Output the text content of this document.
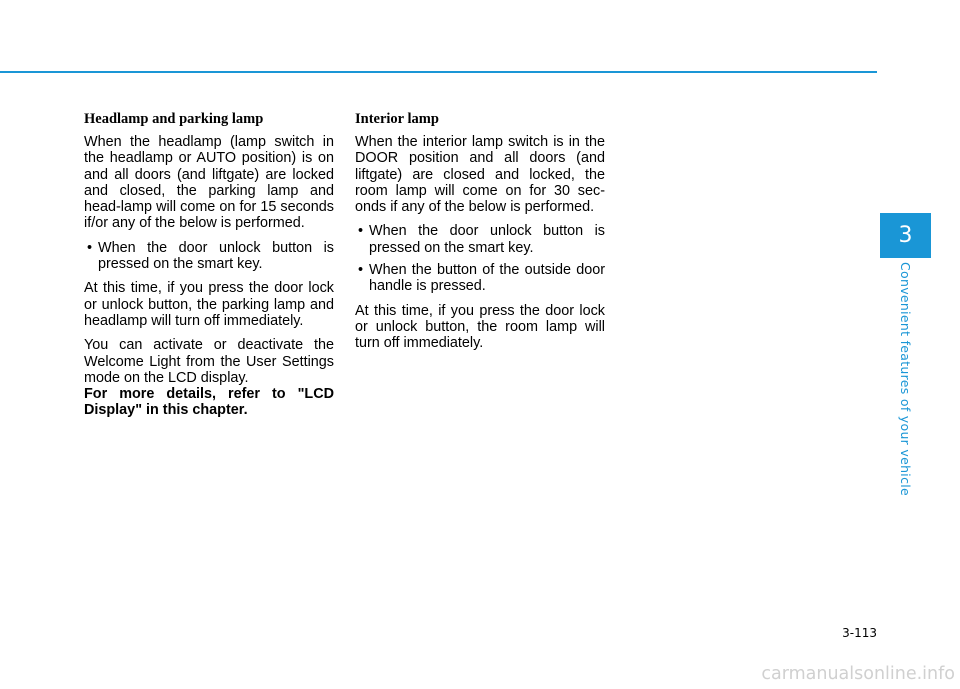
Headlamp and parking lamp

When the headlamp (lamp switch in the headlamp or AUTO position) is on and all doors (and liftgate) are locked and closed, the parking lamp and head-lamp will come on for 15 seconds if/or any of the below is performed.

• When the door unlock button is pressed on the smart key.

At this time, if you press the door lock or unlock button, the parking lamp and headlamp will turn off immediately.

You can activate or deactivate the Welcome Light from the User Settings mode on the LCD display.

For more details, refer to "LCD Display" in this chapter.

Interior lamp

When the interior lamp switch is in the DOOR position and all doors (and liftgate) are closed and locked, the room lamp will come on for 30 sec-onds if any of the below is performed.

• When the door unlock button is pressed on the smart key.
• When the button of the outside door handle is pressed.

At this time, if you press the door lock or unlock button, the room lamp will turn off immediately.

3
Convenient features of your vehicle
3-113
carmanualsonline.info
